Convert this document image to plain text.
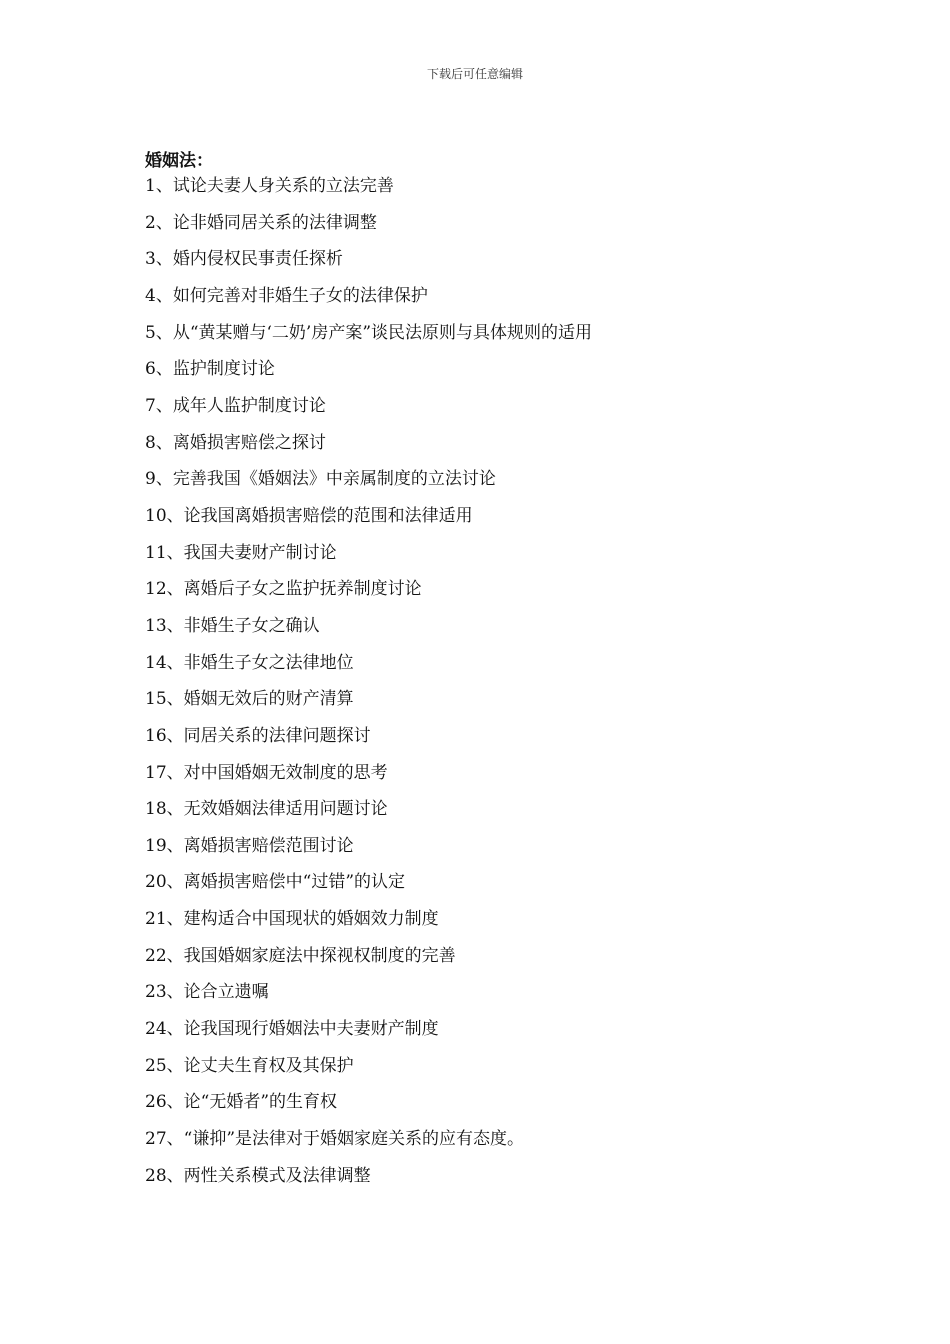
下载后可任意编辑
婚姻法：
1、试论夫妻人身关系的立法完善
2、论非婚同居关系的法律调整
3、婚内侵权民事责任探析
4、如何完善对非婚生子女的法律保护
5、从“黄某赠与‘二奶’房产案”谈民法原则与具体规则的适用
6、监护制度讨论
7、成年人监护制度讨论
8、离婚损害赔偿之探讨
9、完善我国《婚姻法》中亲属制度的立法讨论
10、论我国离婚损害赔偿的范围和法律适用
11、我国夫妻财产制讨论
12、离婚后子女之监护抚养制度讨论
13、非婚生子女之确认
14、非婚生子女之法律地位
15、婚姻无效后的财产清算
16、同居关系的法律问题探讨
17、对中国婚姻无效制度的思考
18、无效婚姻法律适用问题讨论
19、离婚损害赔偿范围讨论
20、离婚损害赔偿中“过错”的认定
21、建构适合中国现状的婚姻效力制度
22、我国婚姻家庭法中探视权制度的完善
23、论合立遗嘱
24、论我国现行婚姻法中夫妻财产制度
25、论丈夫生育权及其保护
26、论“无婚者”的生育权
27、“谦抑”是法律对于婚姻家庭关系的应有态度。
28、两性关系模式及法律调整
